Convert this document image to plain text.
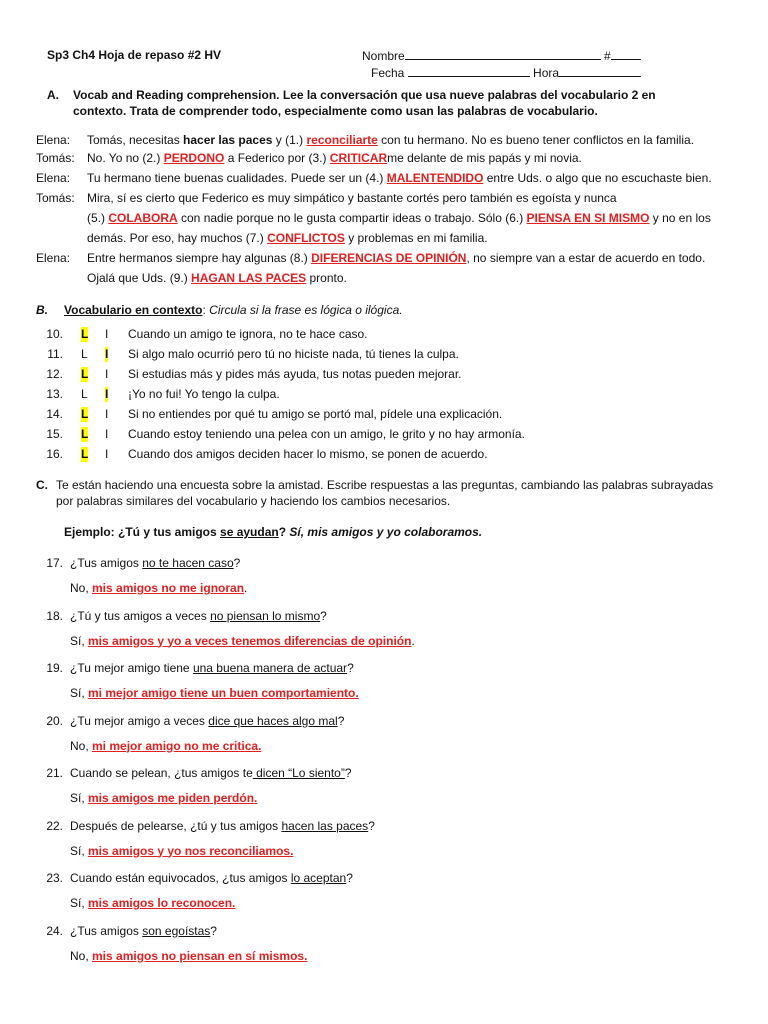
Sp3 Ch4 Hoja de repaso #2 HV	Nombre	#
Fecha	Hora
A. Vocab and Reading comprehension. Lee la conversación que usa nueve palabras del vocabulario 2 en
contexto. Trata de comprender todo, especialmente como usan las palabras de vocabulario.
Elena: Tomás, necesitas hacer las paces y (1.) reconciliarte con tu hermano. No es bueno tener conflictos en la familia.
Tomás: No. Yo no (2.) PERDONO a Federico por (3.) CRITICARme delante de mis papás y mi novia.
Elena: Tu hermano tiene buenas cualidades. Puede ser un (4.) MALENTENDIDO entre Uds. o algo que no escuchaste bien.
Tomás: Mira, sí es cierto que Federico es muy simpático y bastante cortés pero también es egoísta y nunca
(5.) COLABORA con nadie porque no le gusta compartir ideas o trabajo. Sólo (6.) PIENSA EN SI MISMO y no en los
demás. Por eso, hay muchos (7.) CONFLICTOS y problemas en mi familia.
Elena: Entre hermanos siempre hay algunas (8.) DIFERENCIAS DE OPINIÓN, no siempre van a estar de acuerdo en todo.
Ojalá que Uds. (9.) HAGAN LAS PACES pronto.
B. Vocabulario en contexto: Circula si la frase es lógica o ilógica.
10. L I Cuando un amigo te ignora, no te hace caso.
11. L I Si algo malo ocurrió pero tú no hiciste nada, tú tienes la culpa.
12. L I Si estudias más y pides más ayuda, tus notas pueden mejorar.
13. L I ¡Yo no fui! Yo tengo la culpa.
14. L I Si no entiendes por qué tu amigo se portó mal, pídele una explicación.
15. L I Cuando estoy teniendo una pelea con un amigo, le grito y no hay armonía.
16. L I Cuando dos amigos deciden hacer lo mismo, se ponen de acuerdo.
C. Te están haciendo una encuesta sobre la amistad. Escribe respuestas a las preguntas, cambiando las palabras subrayadas
por palabras similares del vocabulario y haciendo los cambios necesarios.
Ejemplo: ¿Tú y tus amigos se ayudan? Sí, mis amigos y yo colaboramos.
17. ¿Tus amigos no te hacen caso?
No, mis amigos no me ignoran.
18. ¿Tú y tus amigos a veces no piensan lo mismo?
Sí, mis amigos y yo a veces tenemos diferencias de opinión.
19. ¿Tu mejor amigo tiene una buena manera de actuar?
Sí, mi mejor amigo tiene un buen comportamiento.
20. ¿Tu mejor amigo a veces dice que haces algo mal?
No, mi mejor amigo no me critica.
21. Cuando se pelean, ¿tus amigos te dicen “Lo siento”?
Sí, mis amigos me piden perdón.
22. Después de pelearse, ¿tú y tus amigos hacen las paces?
Sí, mis amigos y yo nos reconciliamos.
23. Cuando están equivocados, ¿tus amigos lo aceptan?
Sí, mis amigos lo reconocen.
24. ¿Tus amigos son egoístas?
No, mis amigos no piensan en sí mismos.
